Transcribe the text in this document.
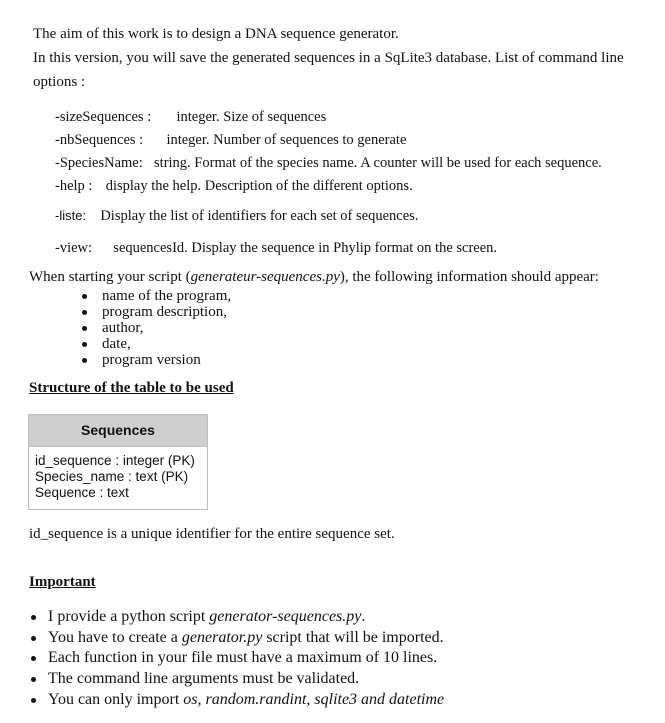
The aim of this work is to design a DNA sequence generator.
In this version, you will save the generated sequences in a SqLite3 database. List of command line
options :
-sizeSequences : integer. Size of sequences
-nbSequences : integer. Number of sequences to generate
-SpeciesName: string. Format of the species name. A counter will be used for each sequence.
-help : display the help. Description of the different options.
-liste: Display the list of identifiers for each set of sequences.
-view: sequencesId. Display the sequence in Phylip format on the screen.
When starting your script (generateur-sequences.py), the following information should appear:
name of the program,
program description,
author,
date,
program version
Structure of the table to be used
Sequences
id_sequence : integer (PK)
Species_name : text (PK)
Sequence : text
id_sequence is a unique identifier for the entire sequence set.
Important
I provide a python script generator-sequences.py.
You have to create a generator.py script that will be imported.
Each function in your file must have a maximum of 10 lines.
The command line arguments must be validated.
You can only import os, random.randint, sqlite3 and datetime
